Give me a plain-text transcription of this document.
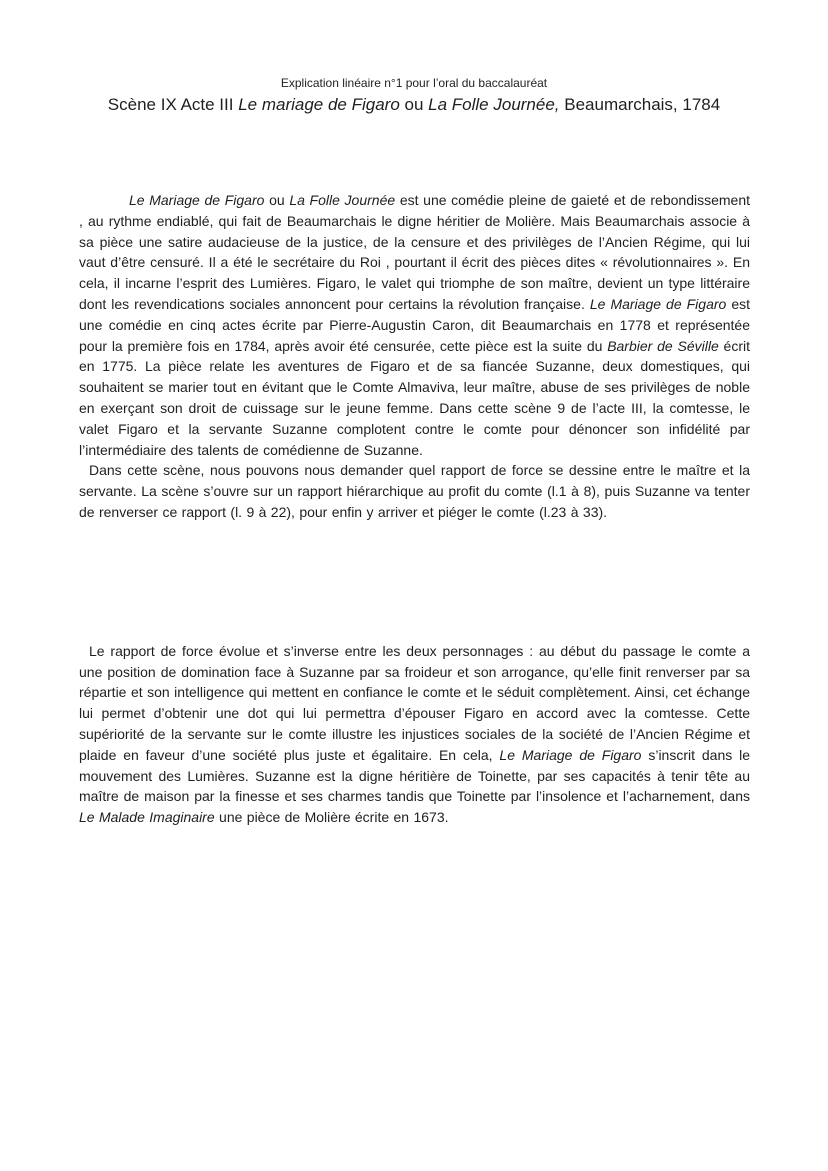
Explication linéaire n°1 pour l’oral du baccalauréat
Scène IX Acte III Le mariage de Figaro ou La Folle Journée, Beaumarchais, 1784

Le Mariage de Figaro ou La Folle Journée est une comédie pleine de gaieté et de rebondissement , au rythme endiablé, qui fait de Beaumarchais le digne héritier de Molière. Mais Beaumarchais associe à sa pièce une satire audacieuse de la justice, de la censure et des privilèges de l’Ancien Régime, qui lui vaut d’être censuré. Il a été le secrétaire du Roi , pourtant il écrit des pièces dites « révolutionnaires ». En cela, il incarne l’esprit des Lumières. Figaro, le valet qui triomphe de son maître, devient un type littéraire dont les revendications sociales annoncent pour certains la révolution française. Le Mariage de Figaro est une comédie en cinq actes écrite par Pierre-Augustin Caron, dit Beaumarchais en 1778 et représentée pour la première fois en 1784, après avoir été censurée, cette pièce est la suite du Barbier de Séville écrit en 1775. La pièce relate les aventures de Figaro et de sa fiancée Suzanne, deux domestiques, qui souhaitent se marier tout en évitant que le Comte Almaviva, leur maître, abuse de ses privilèges de noble en exerçant son droit de cuissage sur le jeune femme. Dans cette scène 9 de l’acte III, la comtesse, le valet Figaro et la servante Suzanne complotent contre le comte pour dénoncer son infidélité par l’intermédiaire des talents de comédienne de Suzanne.

Dans cette scène, nous pouvons nous demander quel rapport de force se dessine entre le maître et la servante. La scène s’ouvre sur un rapport hiérarchique au profit du comte (l.1 à 8), puis Suzanne va tenter de renverser ce rapport (l. 9 à 22), pour enfin y arriver et piéger le comte (l.23 à 33).

Le rapport de force évolue et s’inverse entre les deux personnages : au début du passage le comte a une position de domination face à Suzanne par sa froideur et son arrogance, qu’elle finit renverser par sa répartie et son intelligence qui mettent en confiance le comte et le séduit complètement. Ainsi, cet échange lui permet d’obtenir une dot qui lui permettra d’épouser Figaro en accord avec la comtesse. Cette supériorité de la servante sur le comte illustre les injustices sociales de la société de l’Ancien Régime et plaide en faveur d’une société plus juste et égalitaire. En cela, Le Mariage de Figaro s’inscrit dans le mouvement des Lumières. Suzanne est la digne héritière de Toinette, par ses capacités à tenir tête au maître de maison par la finesse et ses charmes tandis que Toinette par l’insolence et l’acharnement, dans Le Malade Imaginaire une pièce de Molière écrite en 1673.
